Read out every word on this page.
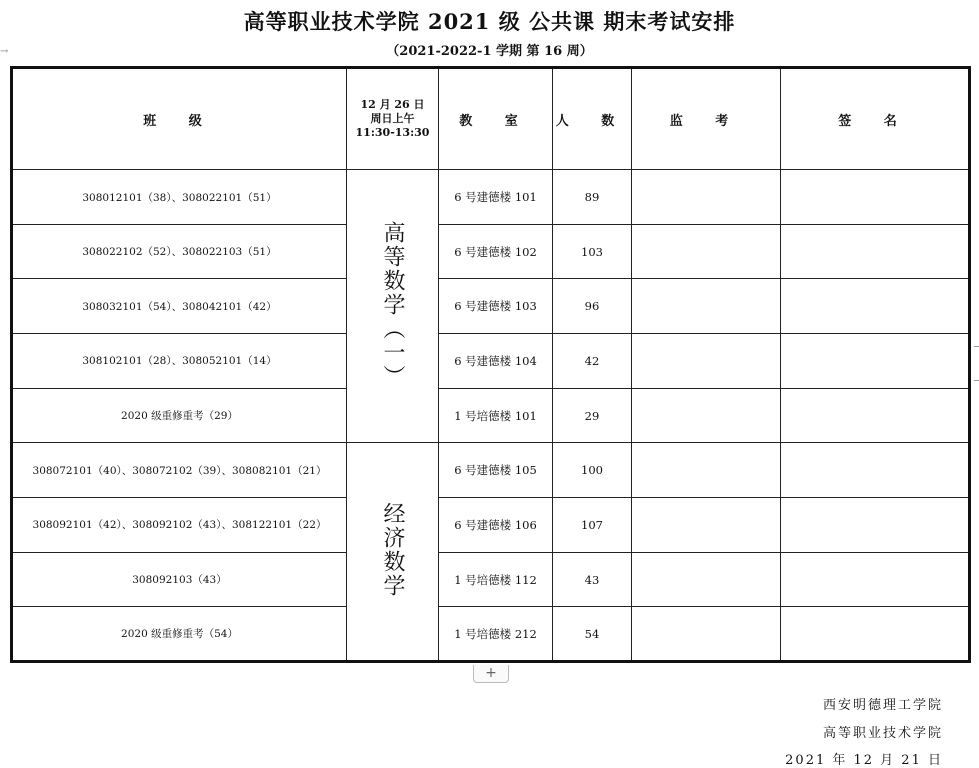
→
高等职业技术学院 2021 级 公共课 期末考试安排
（2021-2022-1 学期 第 16 周）
班 级	12 月 26 日
周日上午
11:30-13:30	教 室	人 数	监 考	签 名
308012101（38）、308022101（51）	高等数学（一）	6 号建德楼 101	89		
308022102（52）、308022103（51）		6 号建德楼 102	103		
308032101（54）、308042101（42）		6 号建德楼 103	96		
308102101（28）、308052101（14）		6 号建德楼 104	42		
2020 级重修重考（29）		1 号培德楼 101	29		
308072101（40）、308072102（39）、308082101（21）	经济数学	6 号建德楼 105	100		
308092101（42）、308092102（43）、308122101（22）		6 号建德楼 106	107		
308092103（43）		1 号培德楼 112	43		
2020 级重修重考（54）		1 号培德楼 212	54		
+
西安明德理工学院
高等职业技术学院
2021 年 12 月 21 日
